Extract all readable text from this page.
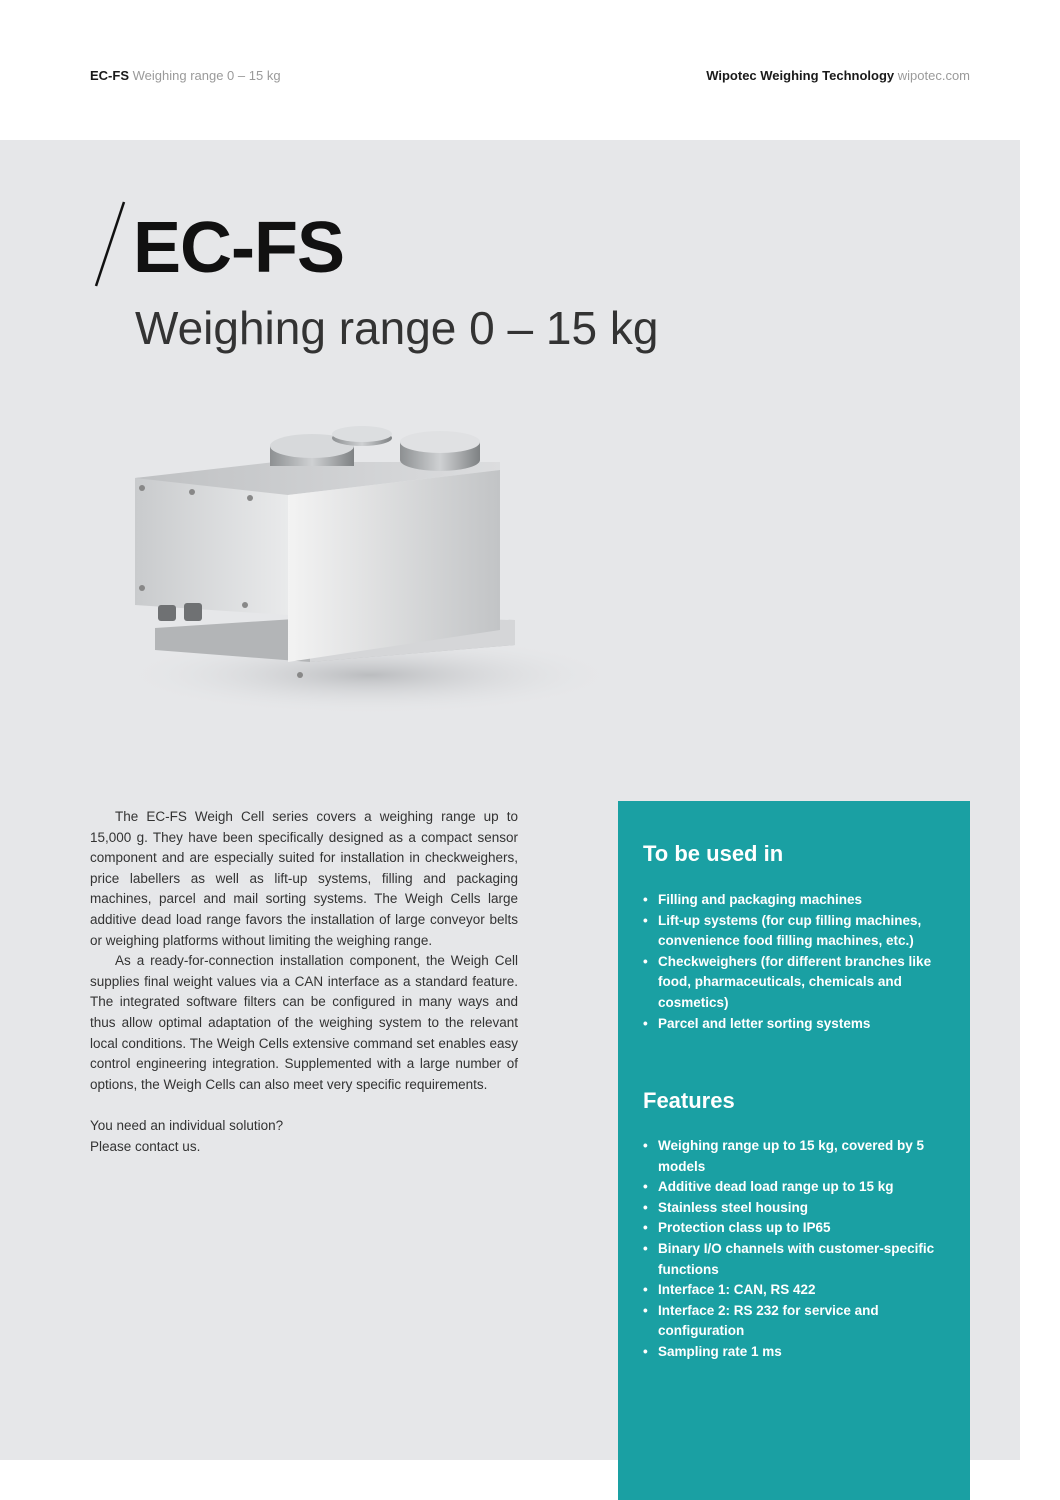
EC-FS Weighing range 0 – 15 kg	Wipotec Weighing Technology wipotec.com
EC-FS
Weighing range 0 – 15 kg

The EC-FS Weigh Cell series covers a weighing range up to 15,000 g. They have been specifically designed as a compact sensor component and are especially suited for installation in checkweighers, price labellers as well as lift-up systems, filling and packaging machines, parcel and mail sorting systems. The Weigh Cells large additive dead load range favors the installation of large conveyor belts or weighing platforms without limiting the weighing range.

As a ready-for-connection installation component, the Weigh Cell supplies final weight values via a CAN interface as a standard feature. The integrated software filters can be configured in many ways and thus allow optimal adaptation of the weighing system to the relevant local conditions. The Weigh Cells extensive command set enables easy control engineering integration. Supplemented with a large number of options, the Weigh Cells can also meet very specific requirements.

You need an individual solution?
Please contact us.

To be used in
• Filling and packaging machines
• Lift-up systems (for cup filling machines, convenience food filling machines, etc.)
• Checkweighers (for different branches like food, pharmaceuticals, chemicals and cosmetics)
• Parcel and letter sorting systems
Features
• Weighing range up to 15 kg, covered by 5 models
• Additive dead load range up to 15 kg
• Stainless steel housing
• Protection class up to IP65
• Binary I/O channels with customer-specific functions
• Interface 1: CAN, RS 422
• Interface 2: RS 232 for service and configuration
• Sampling rate 1 ms
